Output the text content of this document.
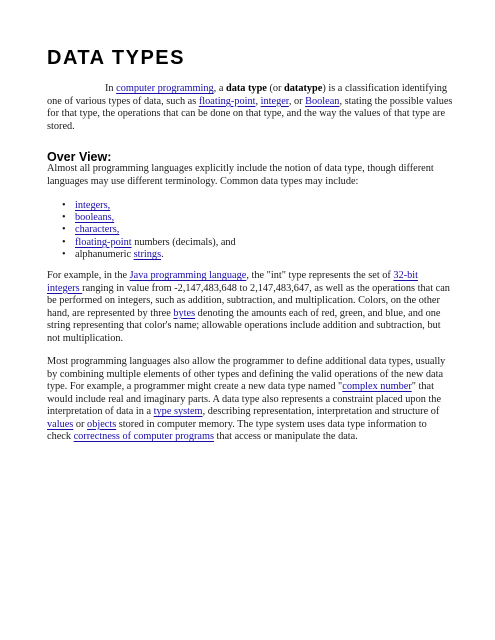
DATA TYPES

In computer programming, a data type (or datatype) is a classification identifying one of various types of data, such as floating-point, integer, or Boolean, stating the possible values for that type, the operations that can be done on that type, and the way the values of that type are stored.

Over View:

Almost all programming languages explicitly include the notion of data type, though different languages may use different terminology. Common data types may include:

• integers,
• booleans,
• characters,
• floating-point numbers (decimals), and
• alphanumeric strings.

For example, in the Java programming language, the "int" type represents the set of 32-bit integers ranging in value from -2,147,483,648 to 2,147,483,647, as well as the operations that can be performed on integers, such as addition, subtraction, and multiplication. Colors, on the other hand, are represented by three bytes denoting the amounts each of red, green, and blue, and one string representing that color's name; allowable operations include addition and subtraction, but not multiplication.

Most programming languages also allow the programmer to define additional data types, usually by combining multiple elements of other types and defining the valid operations of the new data type. For example, a programmer might create a new data type named "complex number" that would include real and imaginary parts. A data type also represents a constraint placed upon the interpretation of data in a type system, describing representation, interpretation and structure of values or objects stored in computer memory. The type system uses data type information to check correctness of computer programs that access or manipulate the data.
